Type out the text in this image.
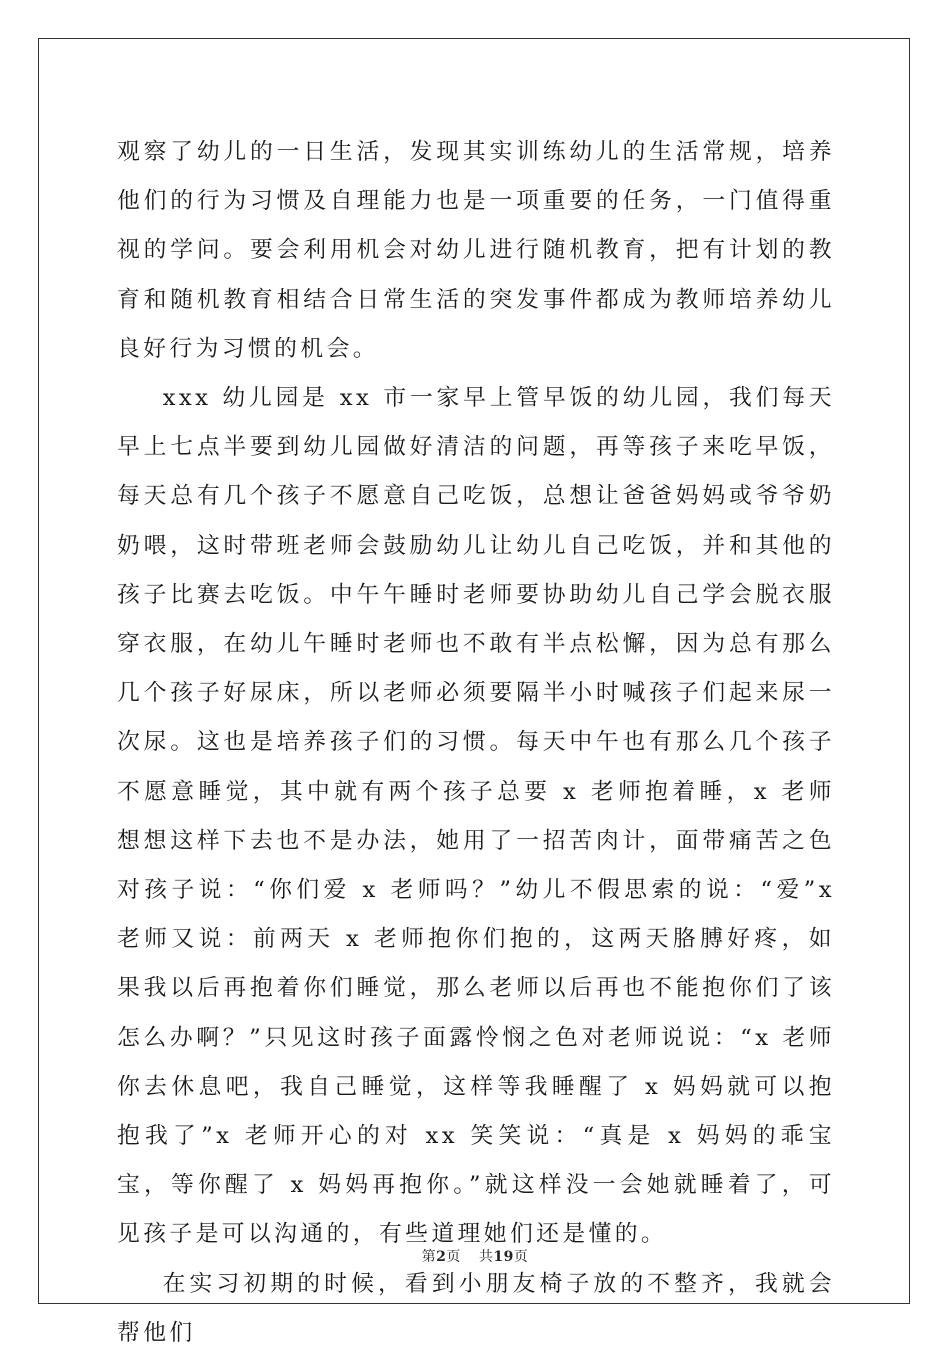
观察了幼儿的一日生活，发现其实训练幼儿的生活常规，培养他们的行为习惯及自理能力也是一项重要的任务，一门值得重视的学问。要会利用机会对幼儿进行随机教育，把有计划的教育和随机教育相结合日常生活的突发事件都成为教师培养幼儿良好行为习惯的机会。

xxx 幼儿园是 xx 市一家早上管早饭的幼儿园，我们每天早上七点半要到幼儿园做好清洁的问题，再等孩子来吃早饭，每天总有几个孩子不愿意自己吃饭，总想让爸爸妈妈或爷爷奶奶喂，这时带班老师会鼓励幼儿让幼儿自己吃饭，并和其他的孩子比赛去吃饭。中午午睡时老师要协助幼儿自己学会脱衣服穿衣服，在幼儿午睡时老师也不敢有半点松懈，因为总有那么几个孩子好尿床，所以老师必须要隔半小时喊孩子们起来尿一次尿。这也是培养孩子们的习惯。每天中午也有那么几个孩子不愿意睡觉，其中就有两个孩子总要 x 老师抱着睡，x 老师想想这样下去也不是办法，她用了一招苦肉计，面带痛苦之色对孩子说：“你们爱 x 老师吗？”幼儿不假思索的说：“爱”x 老师又说：前两天 x 老师抱你们抱的，这两天胳膊好疼，如果我以后再抱着你们睡觉，那么老师以后再也不能抱你们了该怎么办啊？”只见这时孩子面露怜悯之色对老师说说：“x 老师你去休息吧，我自己睡觉，这样等我睡醒了 x 妈妈就可以抱抱我了”x 老师开心的对 xx 笑笑说：“真是 x 妈妈的乖宝宝，等你醒了 x 妈妈再抱你。”就这样没一会她就睡着了，可见孩子是可以沟通的，有些道理她们还是懂的。

在实习初期的时候，看到小朋友椅子放的不整齐，我就会帮他们

第2页 共19页
